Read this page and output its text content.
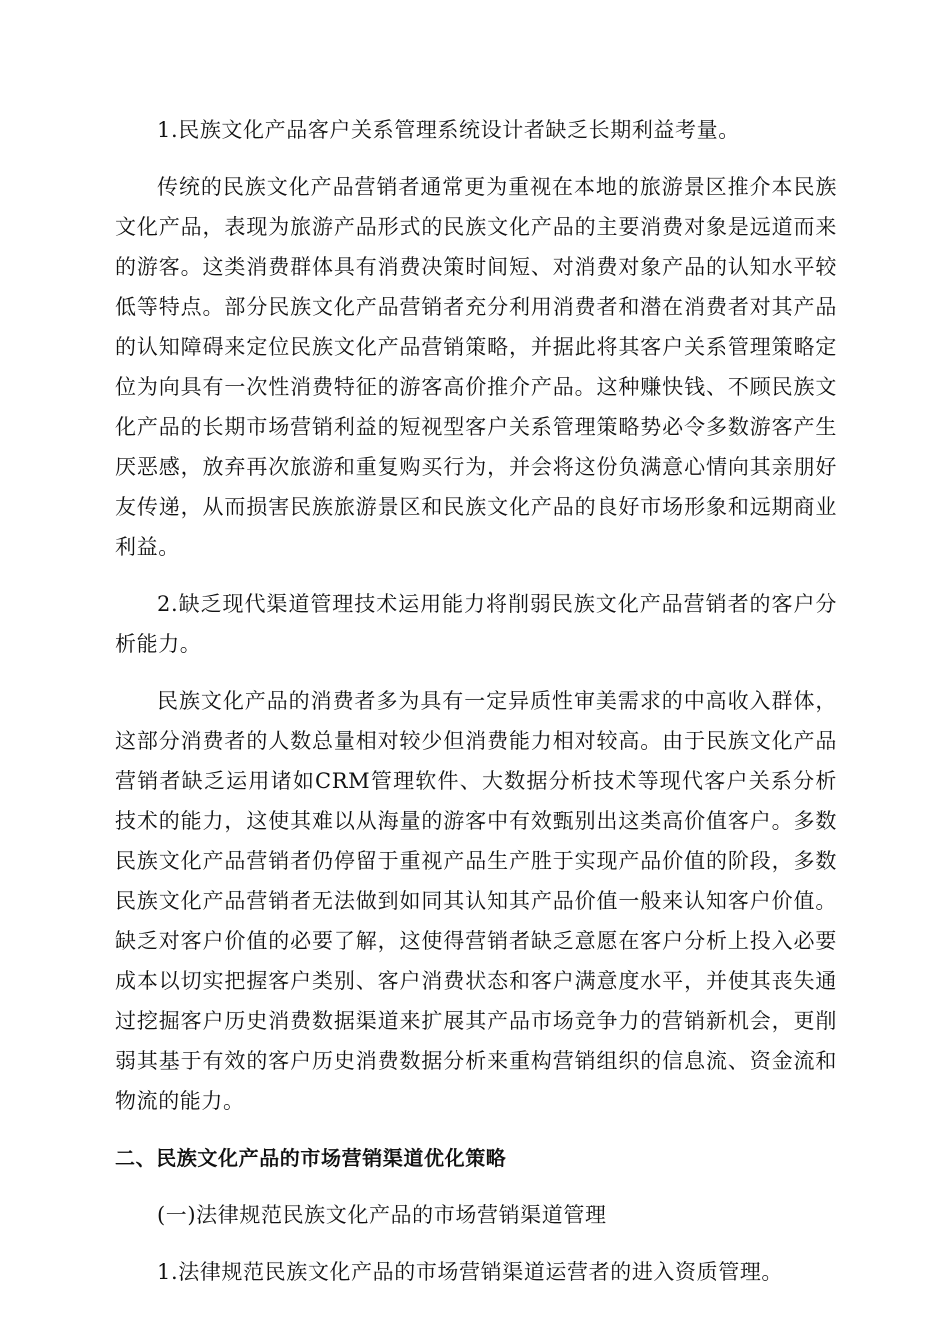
1.民族文化产品客户关系管理系统设计者缺乏长期利益考量。

传统的民族文化产品营销者通常更为重视在本地的旅游景区推介本民族文化产品，表现为旅游产品形式的民族文化产品的主要消费对象是远道而来的游客。这类消费群体具有消费决策时间短、对消费对象产品的认知水平较低等特点。部分民族文化产品营销者充分利用消费者和潜在消费者对其产品的认知障碍来定位民族文化产品营销策略，并据此将其客户关系管理策略定位为向具有一次性消费特征的游客高价推介产品。这种赚快钱、不顾民族文化产品的长期市场营销利益的短视型客户关系管理策略势必令多数游客产生厌恶感，放弃再次旅游和重复购买行为，并会将这份负满意心情向其亲朋好友传递，从而损害民族旅游景区和民族文化产品的良好市场形象和远期商业利益。

2.缺乏现代渠道管理技术运用能力将削弱民族文化产品营销者的客户分析能力。

民族文化产品的消费者多为具有一定异质性审美需求的中高收入群体，这部分消费者的人数总量相对较少但消费能力相对较高。由于民族文化产品营销者缺乏运用诸如CRM管理软件、大数据分析技术等现代客户关系分析技术的能力，这使其难以从海量的游客中有效甄别出这类高价值客户。多数民族文化产品营销者仍停留于重视产品生产胜于实现产品价值的阶段，多数民族文化产品营销者无法做到如同其认知其产品价值一般来认知客户价值。缺乏对客户价值的必要了解，这使得营销者缺乏意愿在客户分析上投入必要成本以切实把握客户类别、客户消费状态和客户满意度水平，并使其丧失通过挖掘客户历史消费数据渠道来扩展其产品市场竞争力的营销新机会，更削弱其基于有效的客户历史消费数据分析来重构营销组织的信息流、资金流和物流的能力。

二、民族文化产品的市场营销渠道优化策略

(一)法律规范民族文化产品的市场营销渠道管理

1.法律规范民族文化产品的市场营销渠道运营者的进入资质管理。
